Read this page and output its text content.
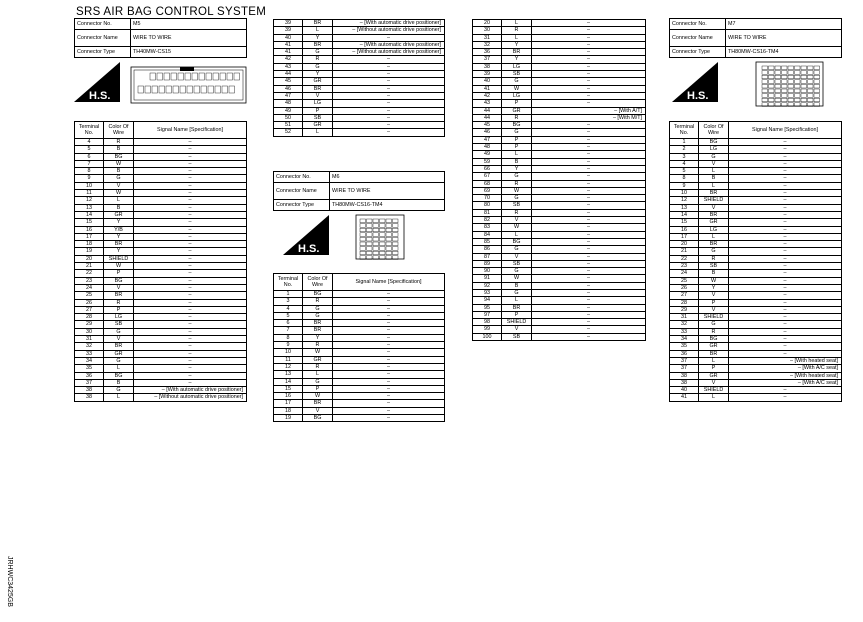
SRS AIR BAG CONTROL SYSTEM
Connector No.	M5
Connector Name	WIRE TO WIRE
Connector Type	TH40MW-CS15
H.S.
Terminal No.	Color Of Wire	Signal Name [Specification]
4	R	–
5	B	–
6	BG	–
7	W	–
8	B	–
9	G	–
10	V	–
11	W	–
12	L	–
13	B	–
14	GR	–
15	Y	–
16	Y/B	–
17	Y	–
18	BR	–
19	Y	–
20	SHIELD	–
21	W	–
22	P	–
23	BG	–
24	V	–
25	BR	–
26	R	–
27	P	–
28	LG	–
29	SB	–
30	G	–
31	V	–
32	BR	–
33	GR	–
34	G	–
35	L	–
36	BG	–
37	B	–
38	G	– [With automatic drive positioner]
38	L	– [Without automatic drive positioner]
39	BR	– [With automatic drive positioner]
39	L	– [Without automatic drive positioner]
40	Y	–
41	BR	– [With automatic drive positioner]
41	G	– [Without automatic drive positioner]
42	R	–
43	G	–
44	Y	–
45	GR	–
46	BR	–
47	V	–
48	LG	–
49	P	–
50	SB	–
51	GR	–
52	L	–
Connector No.	M6
Connector Name	WIRE TO WIRE
Connector Type	TH80MW-CS16-TM4
H.S.
Terminal No.	Color Of Wire	Signal Name [Specification]
1	BG	–
3	R	–
4	G	–
5	G	–
6	BR	–
7	BR	–
8	Y	–
9	R	–
10	W	–
11	GR	–
12	R	–
13	L	–
14	G	–
15	P	–
16	W	–
17	BR	–
18	V	–
19	BG	–
20	L	–
30	R	–
31	L	–
32	Y	–
36	BR	–
37	Y	–
38	LG	–
39	SB	–
40	G	–
41	W	–
42	LG	–
43	P	–
44	GR	– [With A/T]
44	R	– [With M/T]
45	BG	–
46	G	–
47	P	–
48	P	–
49	L	–
59	B	–
66	Y	–
67	G	–
68	R	–
69	W	–
70	G	–
80	SB	–
81	R	–
82	V	–
83	W	–
84	L	–
85	BG	–
86	G	–
87	V	–
89	SB	–
90	G	–
91	W	–
92	B	–
93	G	–
94	L	–
95	BR	–
97	P	–
98	SHIELD	–
99	V	–
100	SB	–
Connector No.	M7
Connector Name	WIRE TO WIRE
Connector Type	TH80MW-CS16-TM4
H.S.
Terminal No.	Color Of Wire	Signal Name [Specification]
1	BG	–
2	LG	–
3	G	–
4	V	–
5	L	–
8	B	–
9	L	–
10	BR	–
12	SHIELD	–
13	V	–
14	BR	–
15	GR	–
16	LG	–
17	L	–
20	BR	–
21	G	–
22	R	–
23	SB	–
24	B	–
25	W	–
26	Y	–
27	V	–
28	P	–
29	V	–
31	SHIELD	–
32	G	–
33	R	–
34	BG	–
35	GR	–
36	BR	–
37	L	– [With heated seat]
37	P	– [With A/C seat]
38	GR	– [With heated seat]
38	V	– [With A/C seat]
40	SHIELD	–
41	L	–
JRHWC3425GB
